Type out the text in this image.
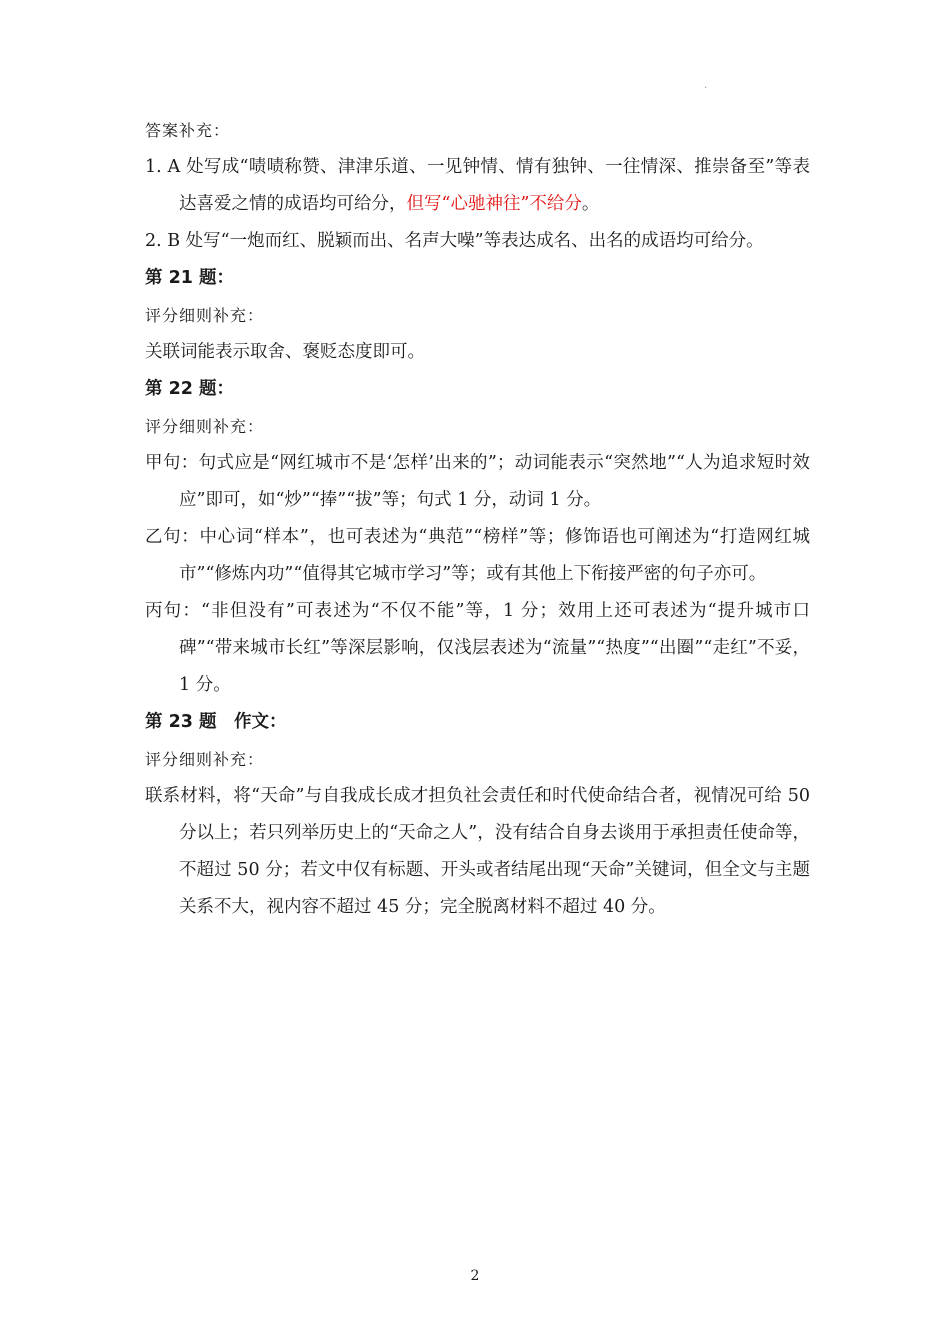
.

答案补充：

1. A 处写成“啧啧称赞、津津乐道、一见钟情、情有独钟、一往情深、推崇备至”等表达喜爱之情的成语均可给分，但写“心驰神往”不给分。

2. B 处写“一炮而红、脱颖而出、名声大噪”等表达成名、出名的成语均可给分。

第 21 题：

评分细则补充：

关联词能表示取舍、褒贬态度即可。

第 22 题：

评分细则补充：

甲句：句式应是“网红城市不是‘怎样’出来的”；动词能表示“突然地”“人为追求短时效应”即可，如“炒”“捧”“拔”等；句式 1 分，动词 1 分。

乙句：中心词“样本”，也可表述为“典范”“榜样”等；修饰语也可阐述为“打造网红城市”“修炼内功”“值得其它城市学习”等；或有其他上下衔接严密的句子亦可。

丙句：“非但没有”可表述为“不仅不能”等，1 分；效用上还可表述为“提升城市口碑”“带来城市长红”等深层影响，仅浅层表述为“流量”“热度”“出圈”“走红”不妥，1 分。

第 23 题　作文：

评分细则补充：

联系材料，将“天命”与自我成长成才担负社会责任和时代使命结合者，视情况可给 50 分以上；若只列举历史上的“天命之人”，没有结合自身去谈用于承担责任使命等，不超过 50 分；若文中仅有标题、开头或者结尾出现“天命”关键词，但全文与主题关系不大，视内容不超过 45 分；完全脱离材料不超过 40 分。

2
